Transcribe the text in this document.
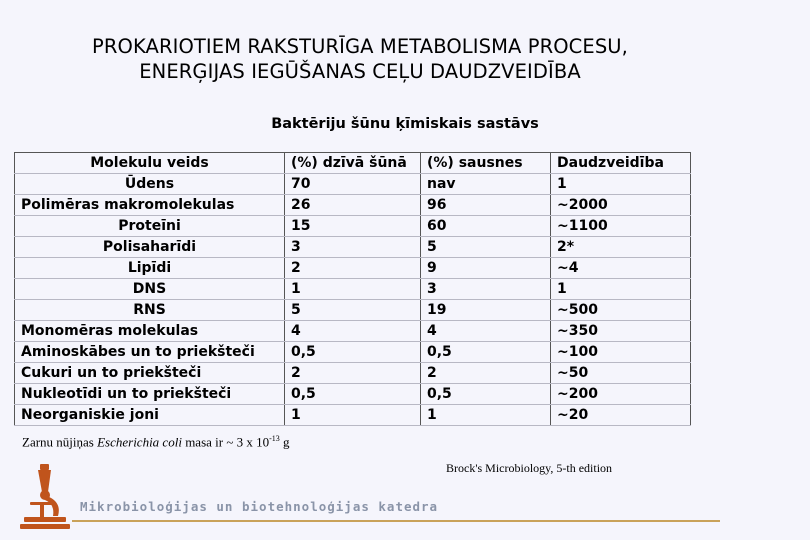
PROKARIOTIEM RAKSTURĪGA METABOLISMA PROCESU,
ENERĢIJAS IEGŪŠANAS CEĻU DAUDZVEIDĪBA
Baktēriju šūnu ķīmiskais sastāvs
Molekulu veids	(%) dzīvā šūnā	(%) sausnes	Daudzveidība
Ūdens	70	nav	1
Polimēras makromolekulas	26	96	~2000
Proteīni	15	60	~1100
Polisaharīdi	3	5	2*
Lipīdi	2	9	~4
DNS	1	3	1
RNS	5	19	~500
Monomēras molekulas	4	4	~350
Aminoskābes un to priekšteči	0,5	0,5	~100
Cukuri un to priekšteči	2	2	~50
Nukleotīdi un to priekšteči	0,5	0,5	~200
Neorganiskie joni	1	1	~20
Zarnu nūjiņas Escherichia coli masa ir ~ 3 x $10^{-13}$ g
Brock's Microbiology, 5-th edition
Mikrobioloģijas un biotehnoloģijas katedra
